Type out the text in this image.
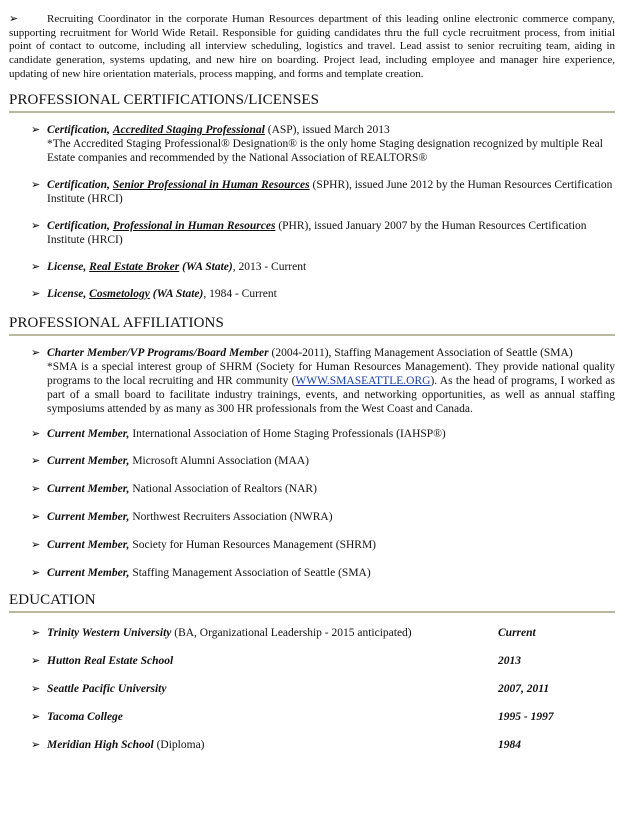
➢	Recruiting Coordinator in the corporate Human Resources department of this leading online electronic commerce company, supporting recruitment for World Wide Retail. Responsible for guiding candidates thru the full cycle recruitment process, from initial point of contact to outcome, including all interview scheduling, logistics and travel. Lead assist to senior recruiting team, aiding in candidate generation, systems updating, and new hire on boarding. Project lead, including employee and manager hire experience, updating of new hire orientation materials, process mapping, and forms and template creation.
PROFESSIONAL CERTIFICATIONS/LICENSES
➢ Certification, Accredited Staging Professional (ASP), issued March 2013
*The Accredited Staging Professional® Designation® is the only home Staging designation recognized by multiple Real Estate companies and recommended by the National Association of REALTORS®
➢ Certification, Senior Professional in Human Resources (SPHR), issued June 2012 by the Human Resources Certification Institute (HRCI)
➢ Certification, Professional in Human Resources (PHR), issued January 2007 by the Human Resources Certification Institute (HRCI)
➢ License, Real Estate Broker (WA State), 2013 - Current
➢ License, Cosmetology (WA State), 1984 - Current
PROFESSIONAL AFFILIATIONS
➢ Charter Member/VP Programs/Board Member (2004-2011), Staffing Management Association of Seattle (SMA)
*SMA is a special interest group of SHRM (Society for Human Resources Management). They provide national quality programs to the local recruiting and HR community (WWW.SMASEATTLE.ORG). As the head of programs, I worked as part of a small board to facilitate industry trainings, events, and networking opportunities, as well as annual staffing symposiums attended by as many as 300 HR professionals from the West Coast and Canada.
➢ Current Member, International Association of Home Staging Professionals (IAHSP®)
➢ Current Member, Microsoft Alumni Association (MAA)
➢ Current Member, National Association of Realtors (NAR)
➢ Current Member, Northwest Recruiters Association (NWRA)
➢ Current Member, Society for Human Resources Management (SHRM)
➢ Current Member, Staffing Management Association of Seattle (SMA)
EDUCATION
➢ Trinity Western University (BA, Organizational Leadership - 2015 anticipated)	Current
➢ Hutton Real Estate School	2013
➢ Seattle Pacific University	2007, 2011
➢ Tacoma College	1995 - 1997
➢ Meridian High School (Diploma)	1984
